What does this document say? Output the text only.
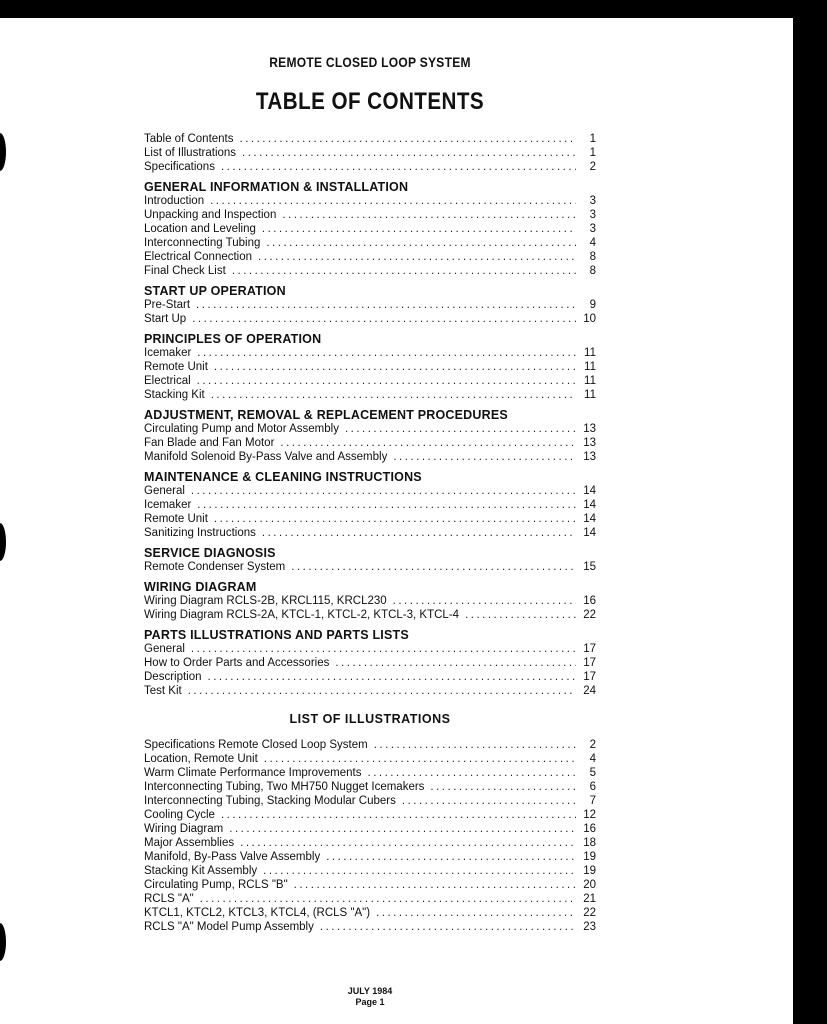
REMOTE CLOSED LOOP SYSTEM
TABLE OF CONTENTS
Table of Contents .....	1
List of Illustrations .....	1
Specifications .....	2
GENERAL INFORMATION & INSTALLATION
Introduction .....	3
Unpacking and Inspection .....	3
Location and Leveling .....	3
Interconnecting Tubing .....	4
Electrical Connection .....	8
Final Check List .....	8
START UP OPERATION
Pre-Start .....	9
Start Up .....	10
PRINCIPLES OF OPERATION
Icemaker .....	11
Remote Unit .....	11
Electrical .....	11
Stacking Kit .....	11
ADJUSTMENT, REMOVAL & REPLACEMENT PROCEDURES
Circulating Pump and Motor Assembly .....	13
Fan Blade and Fan Motor .....	13
Manifold Solenoid By-Pass Valve and Assembly .....	13
MAINTENANCE & CLEANING INSTRUCTIONS
General .....	14
Icemaker .....	14
Remote Unit .....	14
Sanitizing Instructions .....	14
SERVICE DIAGNOSIS
Remote Condenser System .....	15
WIRING DIAGRAM
Wiring Diagram RCLS-2B, KRCL115, KRCL230 .....	16
Wiring Diagram RCLS-2A, KTCL-1, KTCL-2, KTCL-3, KTCL-4 .....	22
PARTS ILLUSTRATIONS AND PARTS LISTS
General .....	17
How to Order Parts and Accessories .....	17
Description .....	17
Test Kit .....	24
LIST OF ILLUSTRATIONS
Specifications Remote Closed Loop System .....	2
Location, Remote Unit .....	4
Warm Climate Performance Improvements .....	5
Interconnecting Tubing, Two MH750 Nugget Icemakers .....	6
Interconnecting Tubing, Stacking Modular Cubers .....	7
Cooling Cycle .....	12
Wiring Diagram .....	16
Major Assemblies .....	18
Manifold, By-Pass Valve Assembly .....	19
Stacking Kit Assembly .....	19
Circulating Pump, RCLS "B" .....	20
RCLS "A" .....	21
KTCL1, KTCL2, KTCL3, KTCL4, (RCLS "A") .....	22
RCLS "A" Model Pump Assembly .....	23
JULY 1984
Page 1
